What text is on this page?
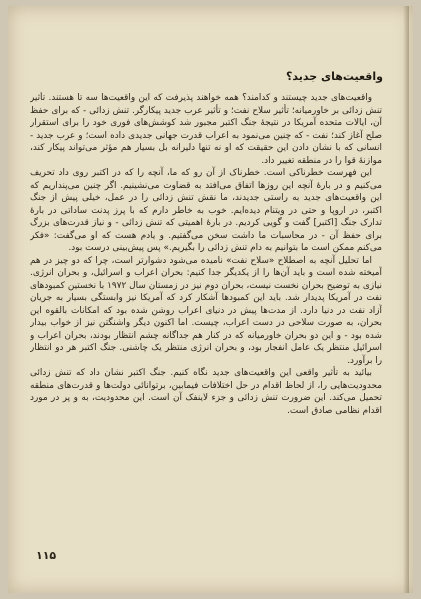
واقعیت‌های جدید؟

واقعیت‌های جدید چیستند و کدامند؟ همه خواهند پذیرفت که این واقعیت‌ها سه تا هستند. تأثیر تنش زدائی بر خاورمیانه؛ تأثیر سلاح نفت؛ و تأثیر عرب جدید پیکارگر. تنش زدائی - که برای حفظ آن، ایالات متحده آمریکا در نتیجهٔ جنگ اکتبر مجبور شد کوشش‌های فوری خود را برای استقرار صلح آغاز کند؛ نفت - که چنین می‌نمود به اعراب قدرت جهانی جدیدی داده است؛ و عرب جدید - انسانی که با نشان دادن این حقیقت که او نه تنها دلیرانه بل بسیار هم مؤثر می‌تواند پیکار کند، موازنهٔ قوا را در منطقه تغییر داد.

این فهرست خطرناکی است. خطرناک از آن رو که ما، آنچه را که در اکتبر روی داد تحریف می‌کنیم و در بارهٔ آنچه این روزها اتفاق می‌افتد به قضاوت می‌نشینیم. اگر چنین می‌پنداریم که این واقعیت‌های جدید به راستی جدیدند، ما نقش تنش زدائی را در عمل، خیلی پیش از جنگ اکتبر، در اروپا و حتی در ویتنام دیده‌ایم. خوب به خاطر دارم که با پرز پدنت ساداتی در بارهٔ تدارک جنگ [اکتبر] گفت و گویی کردیم. در بارهٔ اهمیتی که تنش زدائی - و نیاز قدرت‌های بزرگ برای حفظ آن - در محاسبات ما داشت سخن می‌گفتیم. و یادم هست که او می‌گفت: «فکر می‌کنم ممکن است ما بتوانیم به دام تنش زدائی را بگیریم.» پس پیش‌بینی درست بود.

اما تحلیل آنچه به اصطلاح «سلاح نفت» نامیده می‌شود دشوارتر است، چرا که دو چیز در هم آمیخته شده است و باید آن‌ها را از یکدیگر جدا کنیم: بحران اعراب و اسرائیل، و بحران انرژی. نیازی به توضیح بحران نخست نیست، بحران دوم نیز در زمستان سال ۱۹۷۲ با نخستین کمبودهای نفت در آمریکا پدیدار شد. باید این کمبودها آشکار کرد که آمریکا نیز وابستگی بسیار به جریان آزاد نفت در دنیا دارد. از مدت‌ها پیش در دنیای اعراب روشن شده بود که امکانات بالقوه این بحران، به صورت سلاحی در دست اعراب، چیست. اما اکنون دیگر واشنگتن نیز از خواب بیدار شده بود - و این دو بحران خاورمیانه که در کنار هم جداگانه چشم انتظار بودند، بحران اعراب و اسرائیل منتظر یک عامل انفجار بود، و بحران انرژی منتظر یک چاشنی. جنگ اکتبر هر دو انتظار را برآورد.

بیائید به تأثیر واقعی این واقعیت‌های جدید نگاه کنیم. جنگ اکتبر نشان داد که تنش زدائی محدودیت‌هایی را، از لحاظ اقدام در حل اختلافات فیمابین، برتوانائی دولت‌ها و قدرت‌های منطقه تحمیل می‌کند. این ضرورت تنش زدائی و جزء لاینفک آن است. این محدودیت، به و پر در مورد اقدام نظامی صادق است.

۱۱۵
